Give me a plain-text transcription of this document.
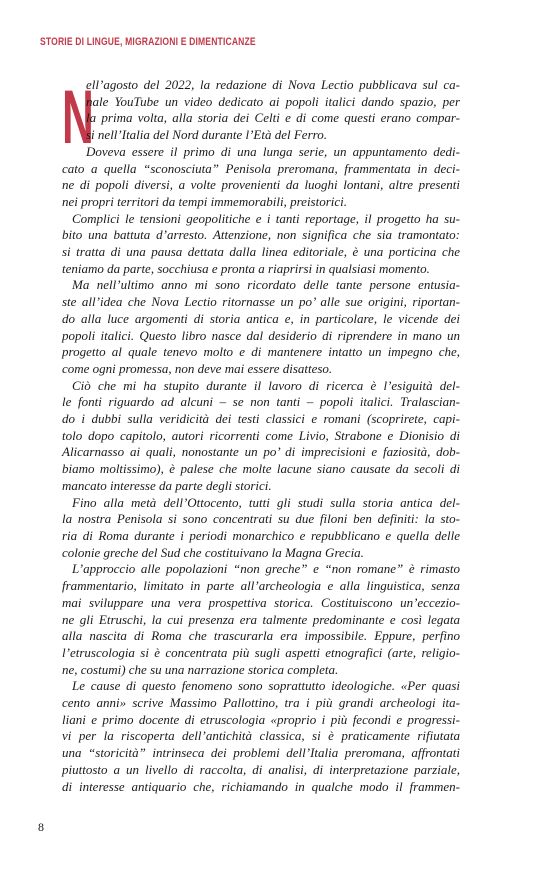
STORIE DI LINGUE, MIGRAZIONI E DIMENTICANZE
N
ell’agosto del 2022, la redazione di Nova Lectio pubblicava sul ca-
nale YouTube un video dedicato ai popoli italici dando spazio, per
la prima volta, alla storia dei Celti e di come questi erano compar-
si nell’Italia del Nord durante l’Età del Ferro.
Doveva essere il primo di una lunga serie, un appuntamento dedi-
cato a quella “sconosciuta” Penisola preromana, frammentata in deci-
ne di popoli diversi, a volte provenienti da luoghi lontani, altre presenti
nei propri territori da tempi immemorabili, preistorici.
Complici le tensioni geopolitiche e i tanti reportage, il progetto ha su-
bito una battuta d’arresto. Attenzione, non significa che sia tramontato:
si tratta di una pausa dettata dalla linea editoriale, è una porticina che
teniamo da parte, socchiusa e pronta a riaprirsi in qualsiasi momento.
Ma nell’ultimo anno mi sono ricordato delle tante persone entusia-
ste all’idea che Nova Lectio ritornasse un po’ alle sue origini, riportan-
do alla luce argomenti di storia antica e, in particolare, le vicende dei
popoli italici. Questo libro nasce dal desiderio di riprendere in mano un
progetto al quale tenevo molto e di mantenere intatto un impegno che,
come ogni promessa, non deve mai essere disatteso.
Ciò che mi ha stupito durante il lavoro di ricerca è l’esiguità del-
le fonti riguardo ad alcuni – se non tanti – popoli italici. Tralascian-
do i dubbi sulla veridicità dei testi classici e romani (scoprirete, capi-
tolo dopo capitolo, autori ricorrenti come Livio, Strabone e Dionisio di
Alicarnasso ai quali, nonostante un po’ di imprecisioni e faziosità, dob-
biamo moltissimo), è palese che molte lacune siano causate da secoli di
mancato interesse da parte degli storici.
Fino alla metà dell’Ottocento, tutti gli studi sulla storia antica del-
la nostra Penisola si sono concentrati su due filoni ben definiti: la sto-
ria di Roma durante i periodi monarchico e repubblicano e quella delle
colonie greche del Sud che costituivano la Magna Grecia.
L’approccio alle popolazioni “non greche” e “non romane” è rimasto
frammentario, limitato in parte all’archeologia e alla linguistica, senza
mai sviluppare una vera prospettiva storica. Costituiscono un’eccezio-
ne gli Etruschi, la cui presenza era talmente predominante e così legata
alla nascita di Roma che trascurarla era impossibile. Eppure, perfino
l’etruscologia si è concentrata più sugli aspetti etnografici (arte, religio-
ne, costumi) che su una narrazione storica completa.
Le cause di questo fenomeno sono soprattutto ideologiche. «Per quasi
cento anni» scrive Massimo Pallottino, tra i più grandi archeologi ita-
liani e primo docente di etruscologia «proprio i più fecondi e progressi-
vi per la riscoperta dell’antichità classica, si è praticamente rifiutata
una “storicità” intrinseca dei problemi dell’Italia preromana, affrontati
piuttosto a un livello di raccolta, di analisi, di interpretazione parziale,
di interesse antiquario che, richiamando in qualche modo il frammen-
8
